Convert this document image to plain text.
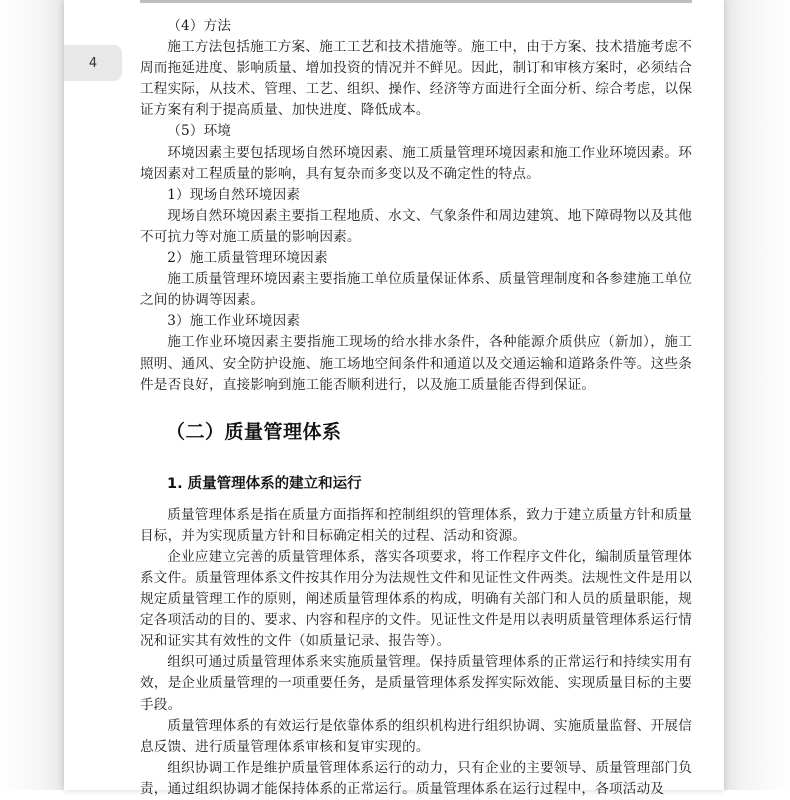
4

（4）方法

施工方法包括施工方案、施工工艺和技术措施等。施工中，由于方案、技术措施考虑不周而拖延进度、影响质量、增加投资的情况并不鲜见。因此，制订和审核方案时，必须结合工程实际，从技术、管理、工艺、组织、操作、经济等方面进行全面分析、综合考虑，以保证方案有利于提高质量、加快进度、降低成本。

（5）环境

环境因素主要包括现场自然环境因素、施工质量管理环境因素和施工作业环境因素。环境因素对工程质量的影响，具有复杂而多变以及不确定性的特点。

1）现场自然环境因素

现场自然环境因素主要指工程地质、水文、气象条件和周边建筑、地下障碍物以及其他不可抗力等对施工质量的影响因素。

2）施工质量管理环境因素

施工质量管理环境因素主要指施工单位质量保证体系、质量管理制度和各参建施工单位之间的协调等因素。

3）施工作业环境因素

施工作业环境因素主要指施工现场的给水排水条件，各种能源介质供应（新加），施工照明、通风、安全防护设施、施工场地空间条件和通道以及交通运输和道路条件等。这些条件是否良好，直接影响到施工能否顺利进行，以及施工质量能否得到保证。

（二）质量管理体系
1. 质量管理体系的建立和运行

质量管理体系是指在质量方面指挥和控制组织的管理体系，致力于建立质量方针和质量目标，并为实现质量方针和目标确定相关的过程、活动和资源。

企业应建立完善的质量管理体系，落实各项要求，将工作程序文件化，编制质量管理体系文件。质量管理体系文件按其作用分为法规性文件和见证性文件两类。法规性文件是用以规定质量管理工作的原则，阐述质量管理体系的构成，明确有关部门和人员的质量职能，规定各项活动的目的、要求、内容和程序的文件。见证性文件是用以表明质量管理体系运行情况和证实其有效性的文件（如质量记录、报告等）。

组织可通过质量管理体系来实施质量管理。保持质量管理体系的正常运行和持续实用有效，是企业质量管理的一项重要任务，是质量管理体系发挥实际效能、实现质量目标的主要手段。

质量管理体系的有效运行是依靠体系的组织机构进行组织协调、实施质量监督、开展信息反馈、进行质量管理体系审核和复审实现的。

组织协调工作是维护质量管理体系运行的动力，只有企业的主要领导、质量管理部门负责，通过组织协调才能保持体系的正常运行。质量管理体系在运行过程中，各项活动及
